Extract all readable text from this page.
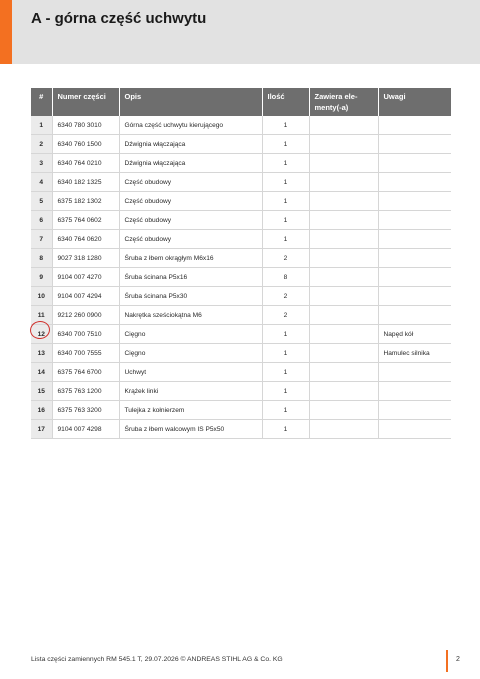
A - górna część uchwytu
#	Numer części	Opis	Ilość	Zawiera ele-menty(-a)	Uwagi
1	6340 780 3010	Górna część uchwytu kierującego	1		
2	6340 760 1500	Dźwignia włączająca	1		
3	6340 764 0210	Dźwignia włączająca	1		
4	6340 182 1325	Część obudowy	1		
5	6375 182 1302	Część obudowy	1		
6	6375 764 0602	Część obudowy	1		
7	6340 764 0620	Część obudowy	1		
8	9027 318 1280	Śruba z łbem okrągłym M6x16	2		
9	9104 007 4270	Śruba ścinana P5x16	8		
10	9104 007 4294	Śruba ścinana P5x30	2		
11	9212 260 0900	Nakrętka sześciokątna M6	2		
12	6340 700 7510	Cięgno	1		Napęd kół
13	6340 700 7555	Cięgno	1		Hamulec silnika
14	6375 764 6700	Uchwyt	1		
15	6375 763 1200	Krążek linki	1		
16	6375 763 3200	Tulejka z kołnierzem	1		
17	9104 007 4298	Śruba z łbem walcowym IS P5x50	1		
Lista części zamiennych RM 545.1 T, 29.07.2026 © ANDREAS STIHL AG & Co. KG	2
